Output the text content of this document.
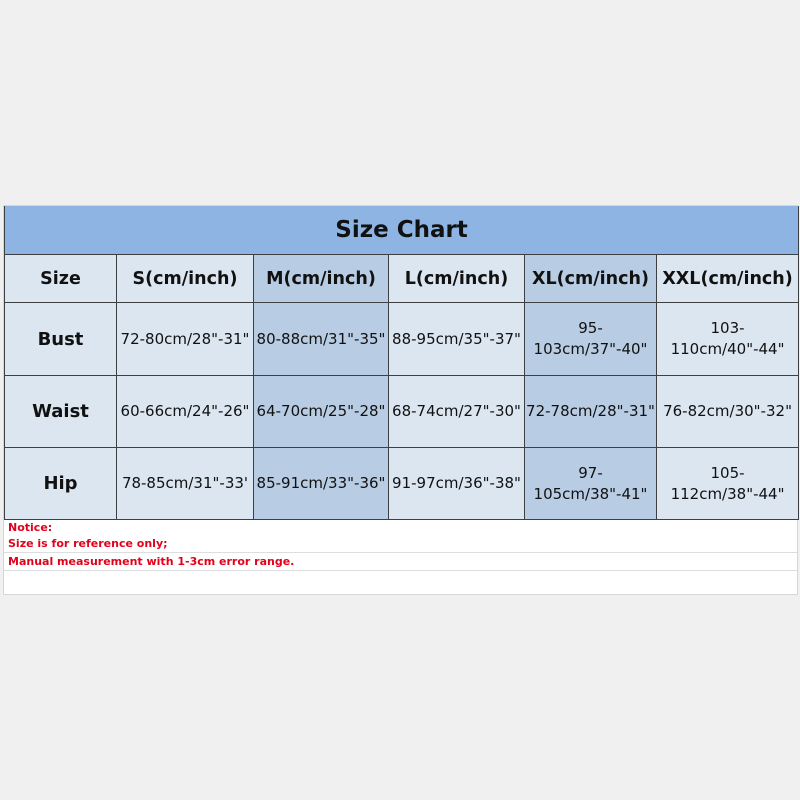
Size Chart					
Size	S(cm/inch)	M(cm/inch)	L(cm/inch)	XL(cm/inch)	XXL(cm/inch)
Bust	72-80cm/28"-31"	80-88cm/31"-35"	88-95cm/35"-37"	95-103cm/37"-40"	103-110cm/40"-44"
Waist	60-66cm/24"-26"	64-70cm/25"-28"	68-74cm/27"-30"	72-78cm/28"-31"	76-82cm/30"-32"
Hip	78-85cm/31"-33'	85-91cm/33"-36"	91-97cm/36"-38"	97-105cm/38"-41"	105-112cm/38"-44"
Notice:
Size is for reference only;
Manual measurement with 1-3cm error range.
